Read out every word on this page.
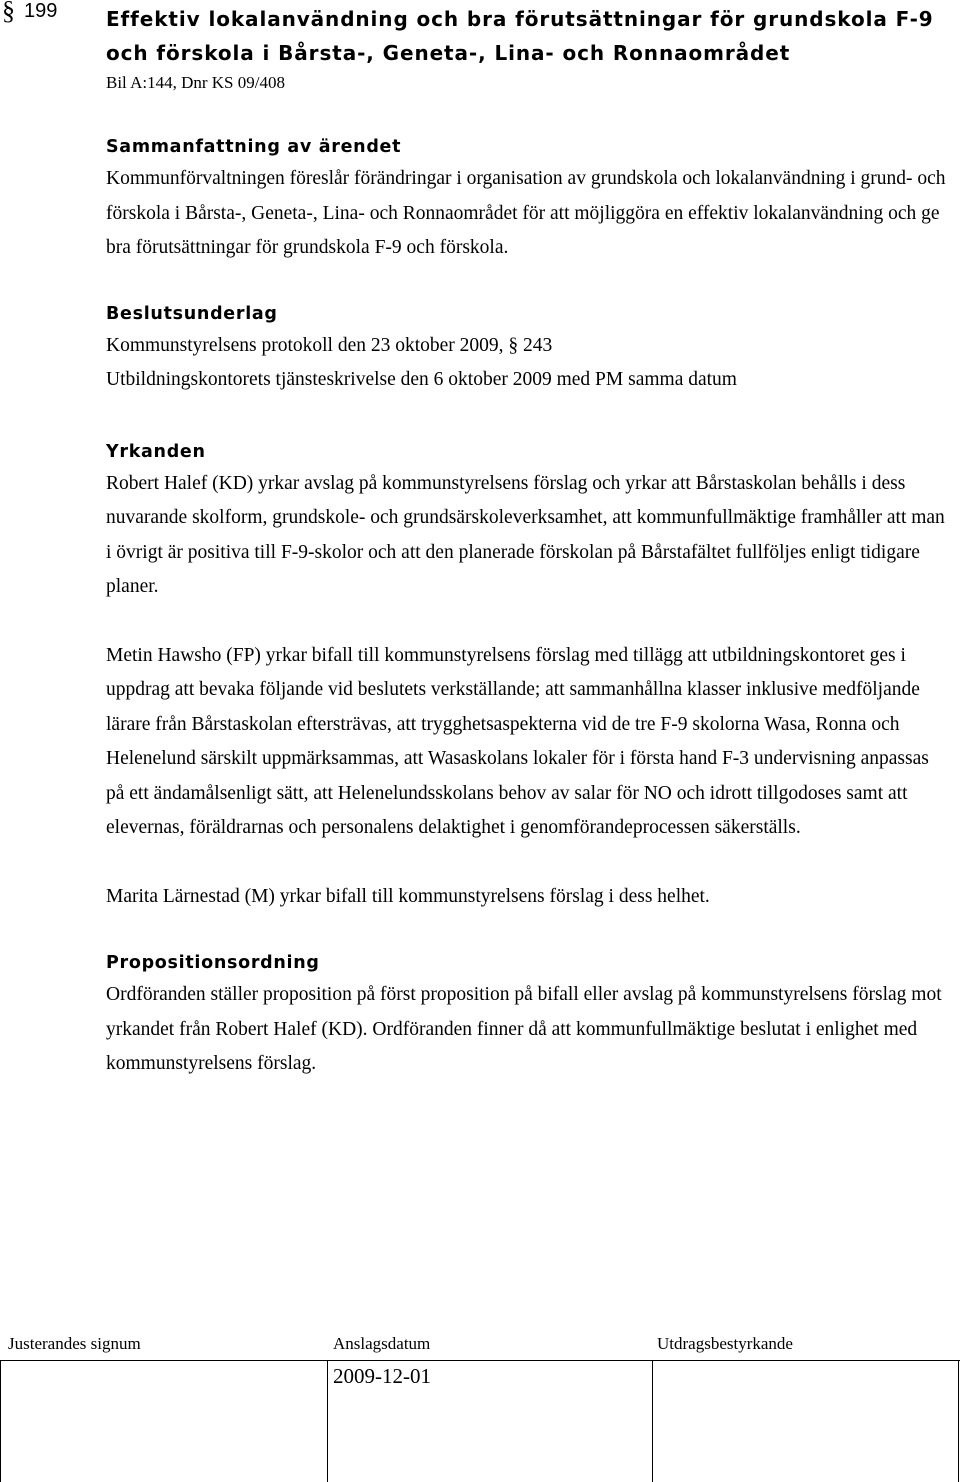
§ 199 Effektiv lokalanvändning och bra förutsättningar för grundskola F-9 och förskola i Bårsta-, Geneta-, Lina- och Ronnaområdet

Bil A:144, Dnr KS 09/408

Sammanfattning av ärendet

Kommunförvaltningen föreslår förändringar i organisation av grundskola och lokalanvändning i grund- och förskola i Bårsta-, Geneta-, Lina- och Ronnaområdet för att möjliggöra en effektiv lokalanvändning och ge bra förutsättningar för grundskola F-9 och förskola.

Beslutsunderlag

Kommunstyrelsens protokoll den 23 oktober 2009, § 243

Utbildningskontorets tjänsteskrivelse den 6 oktober 2009 med PM samma datum

Yrkanden

Robert Halef (KD) yrkar avslag på kommunstyrelsens förslag och yrkar att Bårstaskolan behålls i dess nuvarande skolform, grundskole- och grundsärskoleverksamhet, att kommunfullmäktige framhåller att man i övrigt är positiva till F-9-skolor och att den planerade förskolan på Bårstafältet fullföljes enligt tidigare planer.

Metin Hawsho (FP) yrkar bifall till kommunstyrelsens förslag med tillägg att utbildningskontoret ges i uppdrag att bevaka följande vid beslutets verkställande; att sammanhållna klasser inklusive medföljande lärare från Bårstaskolan eftersträvas, att trygghetsaspekterna vid de tre F-9 skolorna Wasa, Ronna och Helenelund särskilt uppmärksammas, att Wasaskolans lokaler för i första hand F-3 undervisning anpassas på ett ändamålsenligt sätt, att Helenelundsskolans behov av salar för NO och idrott tillgodoses samt att elevernas, föräldrarnas och personalens delaktighet i genomförandeprocessen säkerställs.

Marita Lärnestad (M) yrkar bifall till kommunstyrelsens förslag i dess helhet.

Propositionsordning

Ordföranden ställer proposition på först proposition på bifall eller avslag på kommunstyrelsens förslag mot yrkandet från Robert Halef (KD). Ordföranden finner då att kommunfullmäktige beslutat i enlighet med kommunstyrelsens förslag.

Justerandes signum	Anslagsdatum	Utdragsbestyrkande
2009-12-01
